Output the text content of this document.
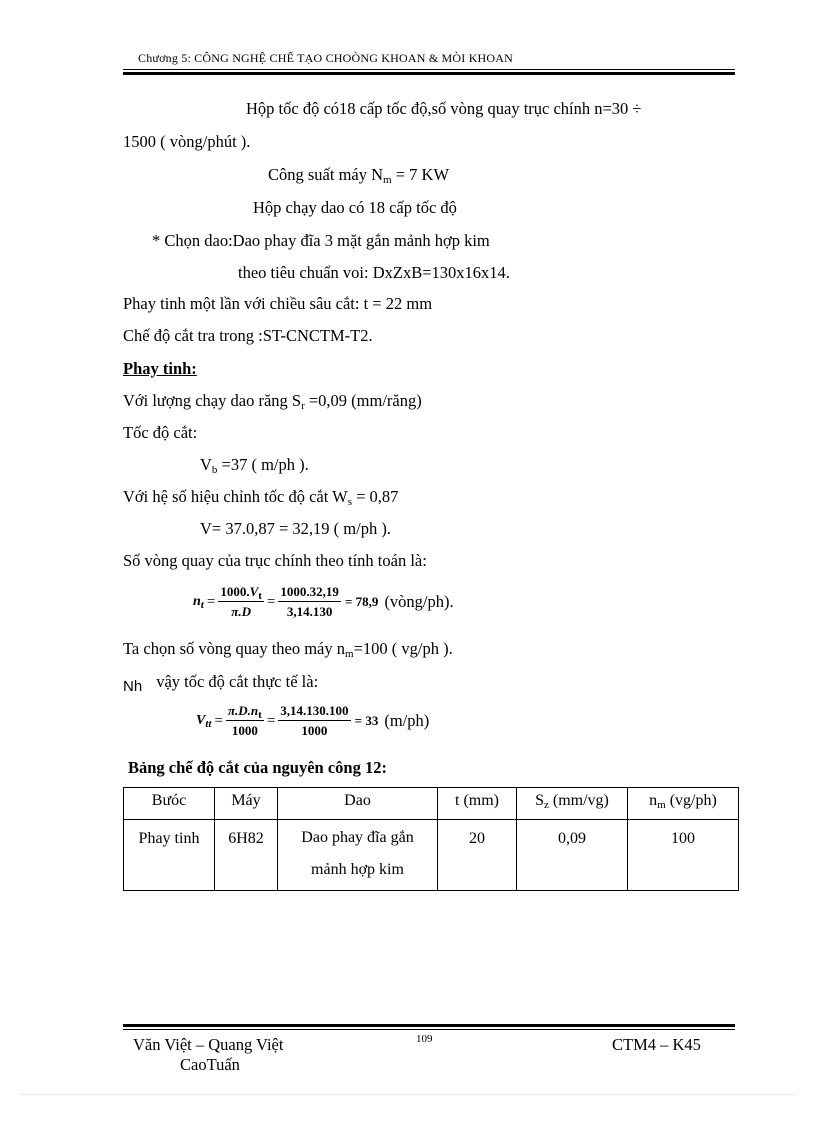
Chương 5: CÔNG NGHỆ CHẾ TẠO CHOÒNG KHOAN & MÒI KHOAN
Hộp tốc độ có18 cấp tốc độ,số vòng quay trục chính n=30 ÷
1500 ( vòng/phút ).
Công suất máy $N_m = 7$ KW
Hộp chạy dao có 18 cấp tốc độ
* Chọn dao:Dao phay đĩa 3 mặt gắn mảnh hợp kim
theo tiêu chuẩn voi: DxZxB=130x16x14.
Phay tinh một lần với chiều sâu cắt: t = 22 mm
Chế độ cắt tra trong :ST-CNCTM-T2.
Phay tinh:
Với lượng chạy dao răng $S_r =0,09$ (mm/răng)
Tốc độ cắt:
$V_b =37$ ( m/ph ).
Với hệ số hiệu chỉnh tốc độ cắt $W_s = 0,87$
V= 37.0,87 = 32,19 ( m/ph ).
Số vòng quay của trục chính theo tính toán là:
$n_t = \frac{1000.V_t}{\pi.D} = \frac{1000.32,19}{3,14.130} = 78,9$ (vòng/ph).
Ta chọn số vòng quay theo máy $n_m=100$ ( vg/ph ).
Nh vậy tốc độ cắt thực tế là:
$V_{tt} = \frac{\pi.D.n_t}{1000} = \frac{3,14.130.100}{1000} = 33$ (m/ph)
Bảng chế độ cắt của nguyên công 12:
Bưóc	Máy	Dao	t (mm)	$S_z$ (mm/vg)	$n_m$ (vg/ph)
Phay tinh	6H82	Dao phay đĩa gắn
mảnh hợp kim	20	0,09	100
Văn Việt – Quang Việt
CaoTuấn
109	CTM4 – K45
